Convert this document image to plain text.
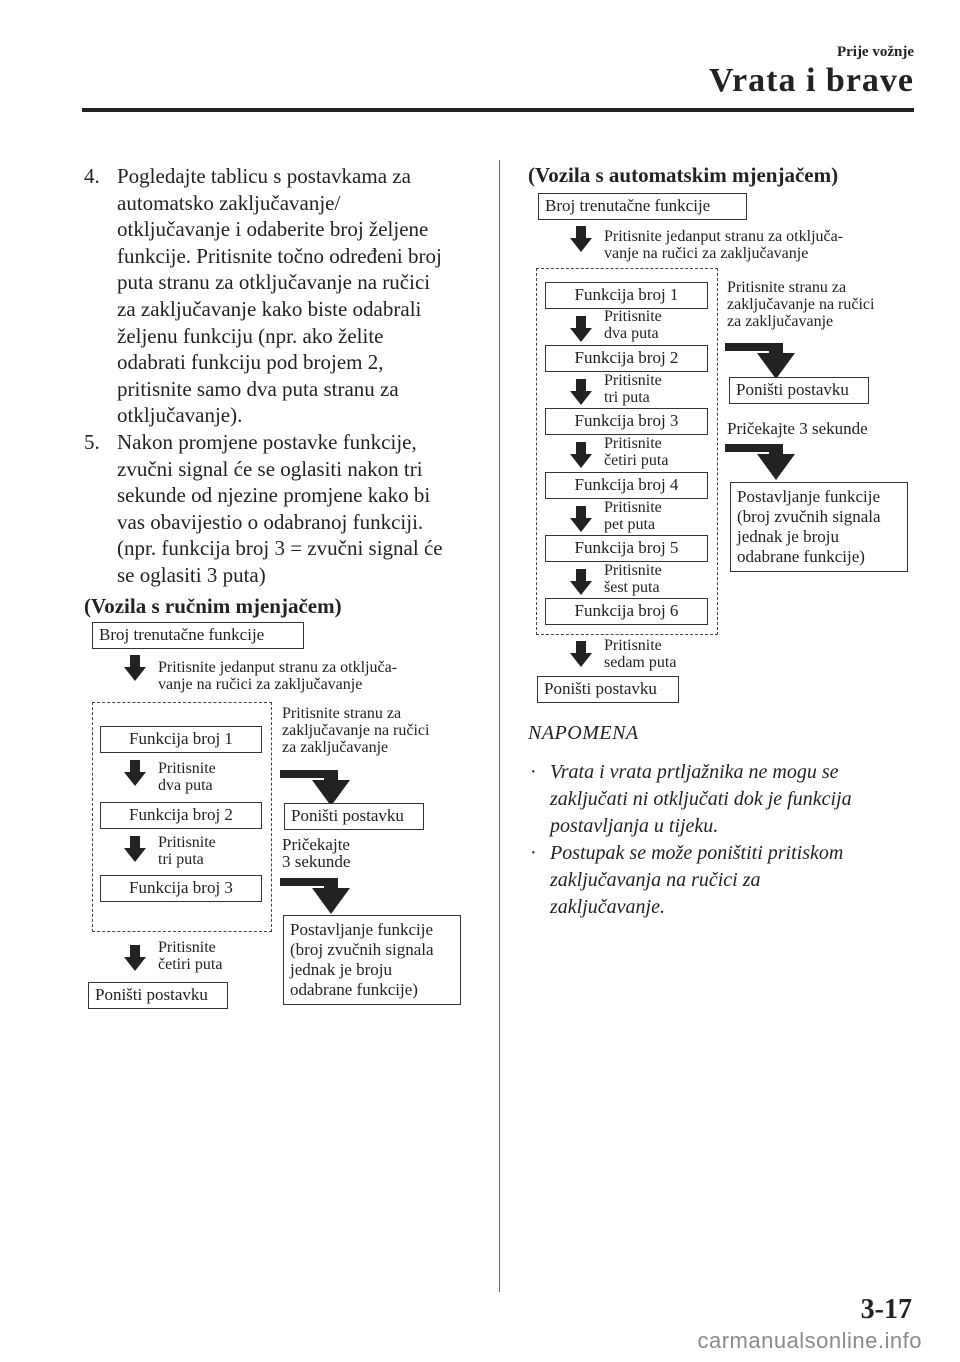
Prije vožnje
Vrata i brave
4. Pogledajte tablicu s postavkama za
automatsko zaključavanje/
otključavanje i odaberite broj željene
funkcije. Pritisnite točno određeni broj
puta stranu za otključavanje na ručici
za zaključavanje kako biste odabrali
željenu funkciju (npr. ako želite
odabrati funkciju pod brojem 2,
pritisnite samo dva puta stranu za
otključavanje).
5. Nakon promjene postavke funkcije,
zvučni signal će se oglasiti nakon tri
sekunde od njezine promjene kako bi
vas obavijestio o odabranoj funkciji.
(npr. funkcija broj 3 = zvučni signal će
se oglasiti 3 puta)
(Vozila s ručnim mjenjačem)
Broj trenutačne funkcije
Pritisnite jedanput stranu za otključa-
vanje na ručici za zaključavanje
Funkcija broj 1
Pritisnite
dva puta
Funkcija broj 2
Pritisnite
tri puta
Funkcija broj 3
Pritisnite
četiri puta
Poništi postavku
Pritisnite stranu za
zaključavanje na ručici
za zaključavanje
Poništi postavku
Pričekajte
3 sekunde
Postavljanje funkcije
(broj zvučnih signala
jednak je broju
odabrane funkcije)
(Vozila s automatskim mjenjačem)
Broj trenutačne funkcije
Pritisnite jedanput stranu za otključa-
vanje na ručici za zaključavanje
Funkcija broj 1
Pritisnite
dva puta
Funkcija broj 2
Pritisnite
tri puta
Funkcija broj 3
Pritisnite
četiri puta
Funkcija broj 4
Pritisnite
pet puta
Funkcija broj 5
Pritisnite
šest puta
Funkcija broj 6
Pritisnite
sedam puta
Poništi postavku
Pritisnite stranu za
zaključavanje na ručici
za zaključavanje
Poništi postavku
Pričekajte 3 sekunde
Postavljanje funkcije
(broj zvučnih signala
jednak je broju
odabrane funkcije)
NAPOMENA
· Vrata i vrata prtljažnika ne mogu se
zaključati ni otključati dok je funkcija
postavljanja u tijeku.
· Postupak se može poništiti pritiskom
zaključavanja na ručici za
zaključavanje.
3-17
carmanualsonline.info
